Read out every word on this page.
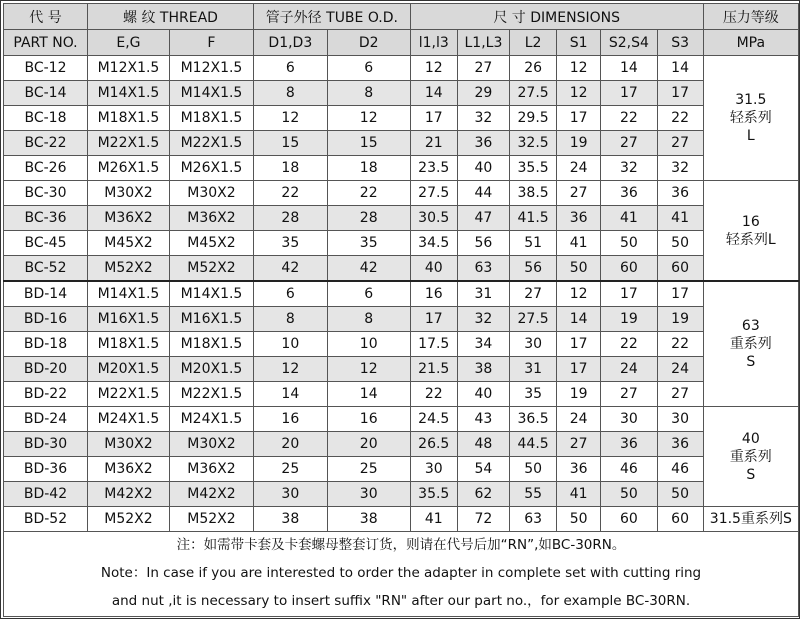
代 号	螺 纹 THREAD		管子外径 TUBE O.D.		尺 寸 DIMENSIONS						压力等级
PART NO.	E,G	F	D1,D3	D2	l1,l3	L1,L3	L2	S1	S2,S4	S3	MPa
BC-12	M12X1.5	M12X1.5	6	6	12	27	26	12	14	14	31.5
轻系列
L

BC-14	M14X1.5	M14X1.5	8	8	14	29	27.5	12	17	17	
BC-18	M18X1.5	M18X1.5	12	12	17	32	29.5	17	22	22	
BC-22	M22X1.5	M22X1.5	15	15	21	36	32.5	19	27	27	
BC-26	M26X1.5	M26X1.5	18	18	23.5	40	35.5	24	32	32	
BC-30	M30X2	M30X2	22	22	27.5	44	38.5	27	36	36	16
轻系列L

BC-36	M36X2	M36X2	28	28	30.5	47	41.5	36	41	41	
BC-45	M45X2	M45X2	35	35	34.5	56	51	41	50	50	
BC-52	M52X2	M52X2	42	42	40	63	56	50	60	60	
BD-14	M14X1.5	M14X1.5	6	6	16	31	27	12	17	17	63
重系列
S

BD-16	M16X1.5	M16X1.5	8	8	17	32	27.5	14	19	19	
BD-18	M18X1.5	M18X1.5	10	10	17.5	34	30	17	22	22	
BD-20	M20X1.5	M20X1.5	12	12	21.5	38	31	17	24	24	
BD-22	M22X1.5	M22X1.5	14	14	22	40	35	19	27	27	
BD-24	M24X1.5	M24X1.5	16	16	24.5	43	36.5	24	30	30	40
重系列
S

BD-30	M30X2	M30X2	20	20	26.5	48	44.5	27	36	36	
BD-36	M36X2	M36X2	25	25	30	54	50	36	46	46	
BD-42	M42X2	M42X2	30	30	35.5	62	55	41	50	50	
BD-52	M52X2	M52X2	38	38	41	72	63	50	60	60	31.5重系列S
注：如需带卡套及卡套螺母整套订货，则请在代号后加“RN”,如BC-30RN。
Note：In case if you are interested to order the adapter in complete set with cutting ring
and nut ,it is necessary to insert suffix "RN" after our part no.，for example BC-30RN.
